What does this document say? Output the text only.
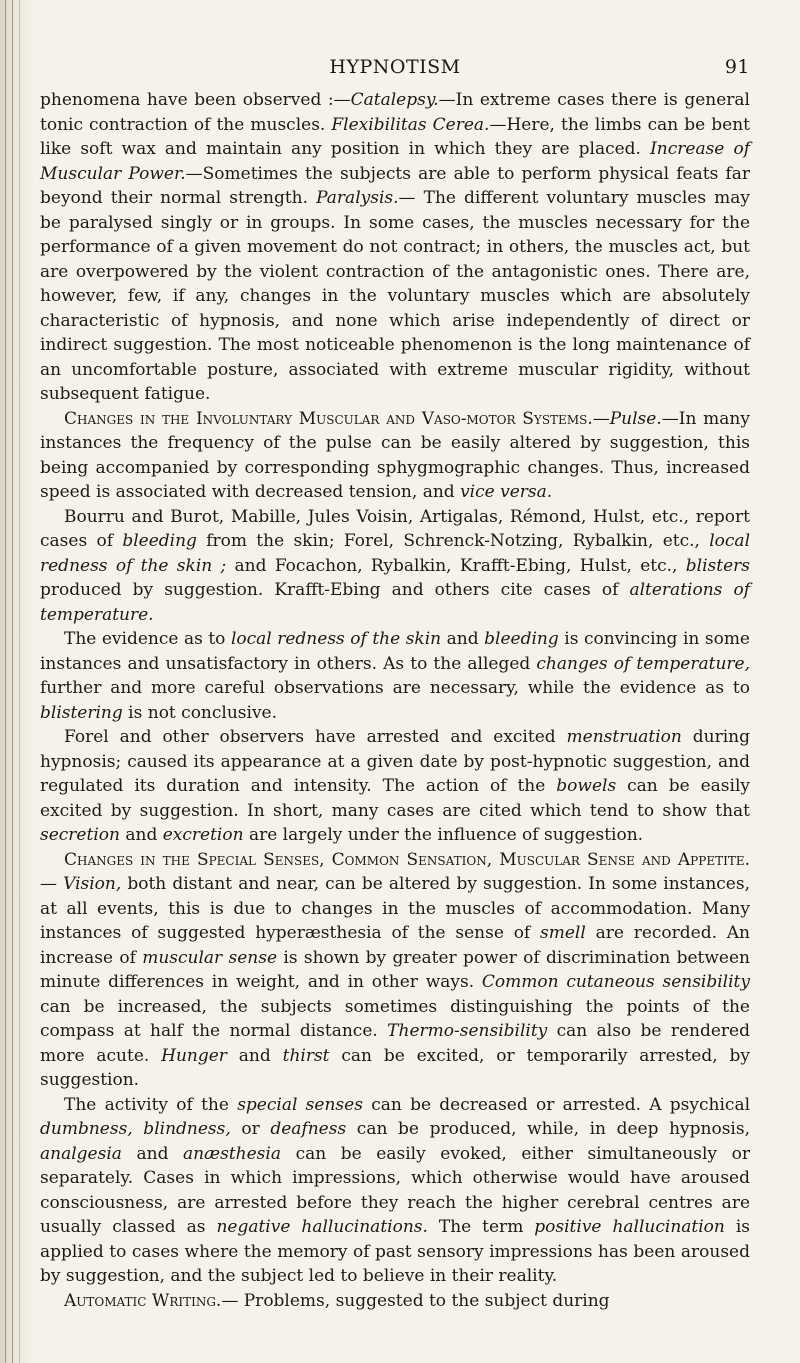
HYPNOTISM	91

phenomena have been observed :—Catalepsy.—In extreme cases there is general tonic contraction of the muscles. Flexibilitas Cerea.—Here, the limbs can be bent like soft wax and maintain any position in which they are placed. Increase of Muscular Power.—Sometimes the subjects are able to perform physical feats far beyond their normal strength. Paralysis.— The different voluntary muscles may be paralysed singly or in groups. In some cases, the muscles necessary for the performance of a given movement do not contract; in others, the muscles act, but are overpowered by the violent contraction of the antagonistic ones. There are, however, few, if any, changes in the voluntary muscles which are absolutely characteristic of hypnosis, and none which arise independently of direct or indirect suggestion. The most noticeable phenomenon is the long maintenance of an uncomfortable posture, associated with extreme muscular rigidity, without subsequent fatigue.

Changes in the Involuntary Muscular and Vaso-motor Systems.—Pulse.—In many instances the frequency of the pulse can be easily altered by suggestion, this being accompanied by corresponding sphygmographic changes. Thus, increased speed is associated with decreased tension, and vice versa.

Bourru and Burot, Mabille, Jules Voisin, Artigalas, Rémond, Hulst, etc., report cases of bleeding from the skin; Forel, Schrenck-Notzing, Rybalkin, etc., local redness of the skin ; and Focachon, Rybalkin, Krafft-Ebing, Hulst, etc., blisters produced by suggestion. Krafft-Ebing and others cite cases of alterations of temperature.

The evidence as to local redness of the skin and bleeding is convincing in some instances and unsatisfactory in others. As to the alleged changes of temperature, further and more careful observations are necessary, while the evidence as to blistering is not conclusive.

Forel and other observers have arrested and excited menstruation during hypnosis; caused its appearance at a given date by post-hypnotic suggestion, and regulated its duration and intensity. The action of the bowels can be easily excited by suggestion. In short, many cases are cited which tend to show that secretion and excretion are largely under the influence of suggestion.

Changes in the Special Senses, Common Sensation, Muscular Sense and Appetite.— Vision, both distant and near, can be altered by suggestion. In some instances, at all events, this is due to changes in the muscles of accommodation. Many instances of suggested hyperæsthesia of the sense of smell are recorded. An increase of muscular sense is shown by greater power of discrimination between minute differences in weight, and in other ways. Common cutaneous sensibility can be increased, the subjects sometimes distinguishing the points of the compass at half the normal distance. Thermo-sensibility can also be rendered more acute. Hunger and thirst can be excited, or temporarily arrested, by suggestion.

The activity of the special senses can be decreased or arrested. A psychical dumbness, blindness, or deafness can be produced, while, in deep hypnosis, analgesia and anæsthesia can be easily evoked, either simultaneously or separately. Cases in which impressions, which otherwise would have aroused consciousness, are arrested before they reach the higher cerebral centres are usually classed as negative hallucinations. The term positive hallucination is applied to cases where the memory of past sensory impressions has been aroused by suggestion, and the subject led to believe in their reality.

Automatic Writing.— Problems, suggested to the subject during
